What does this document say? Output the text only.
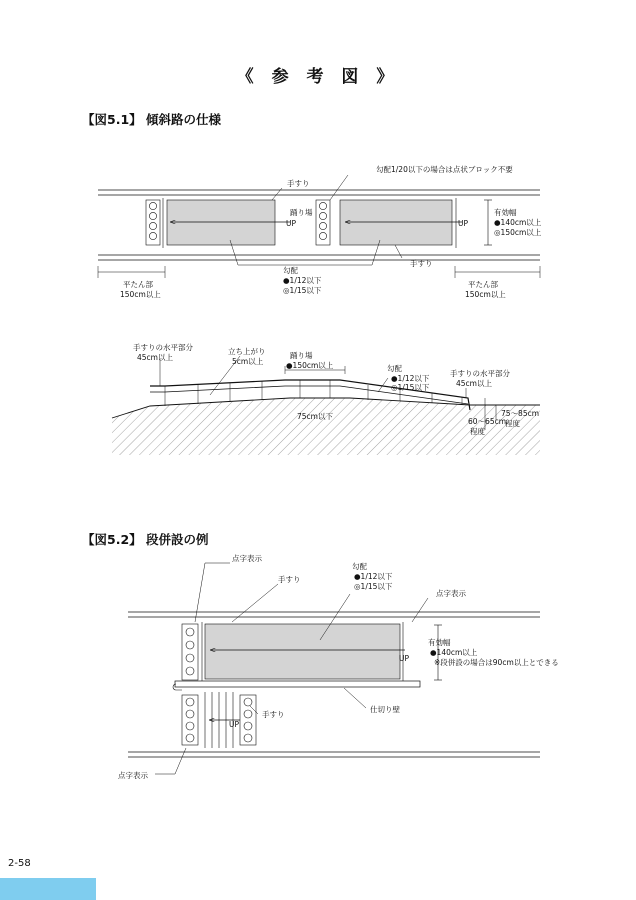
《 参 考 図 》
【図5.1】 傾斜路の仕様
【図5.2】 段併設の例
手すり
勾配1/20以下の場合は点状ブロック不要
踊り場
UP	UP
有効幅
●140cm以上
◎150cm以上
手すり
勾配
●1/12以下
◎1/15以下
平たん部
150cm以上
平たん部
150cm以上
手すりの水平部分
45cm以上
立ち上がり
5cm以上
踊り場
●150cm以上	勾配
●1/12以下
◎1/15以下
手すりの水平部分
45cm以上
75cm以下
60～65cm
程度
75～85cm
程度
点字表示
手すり
勾配
●1/12以下
◎1/15以下
点字表示
有効幅
●140cm以上
※段併設の場合は90cm以上とできる
UP
UP
手すり
仕切り壁
点字表示
2-58
